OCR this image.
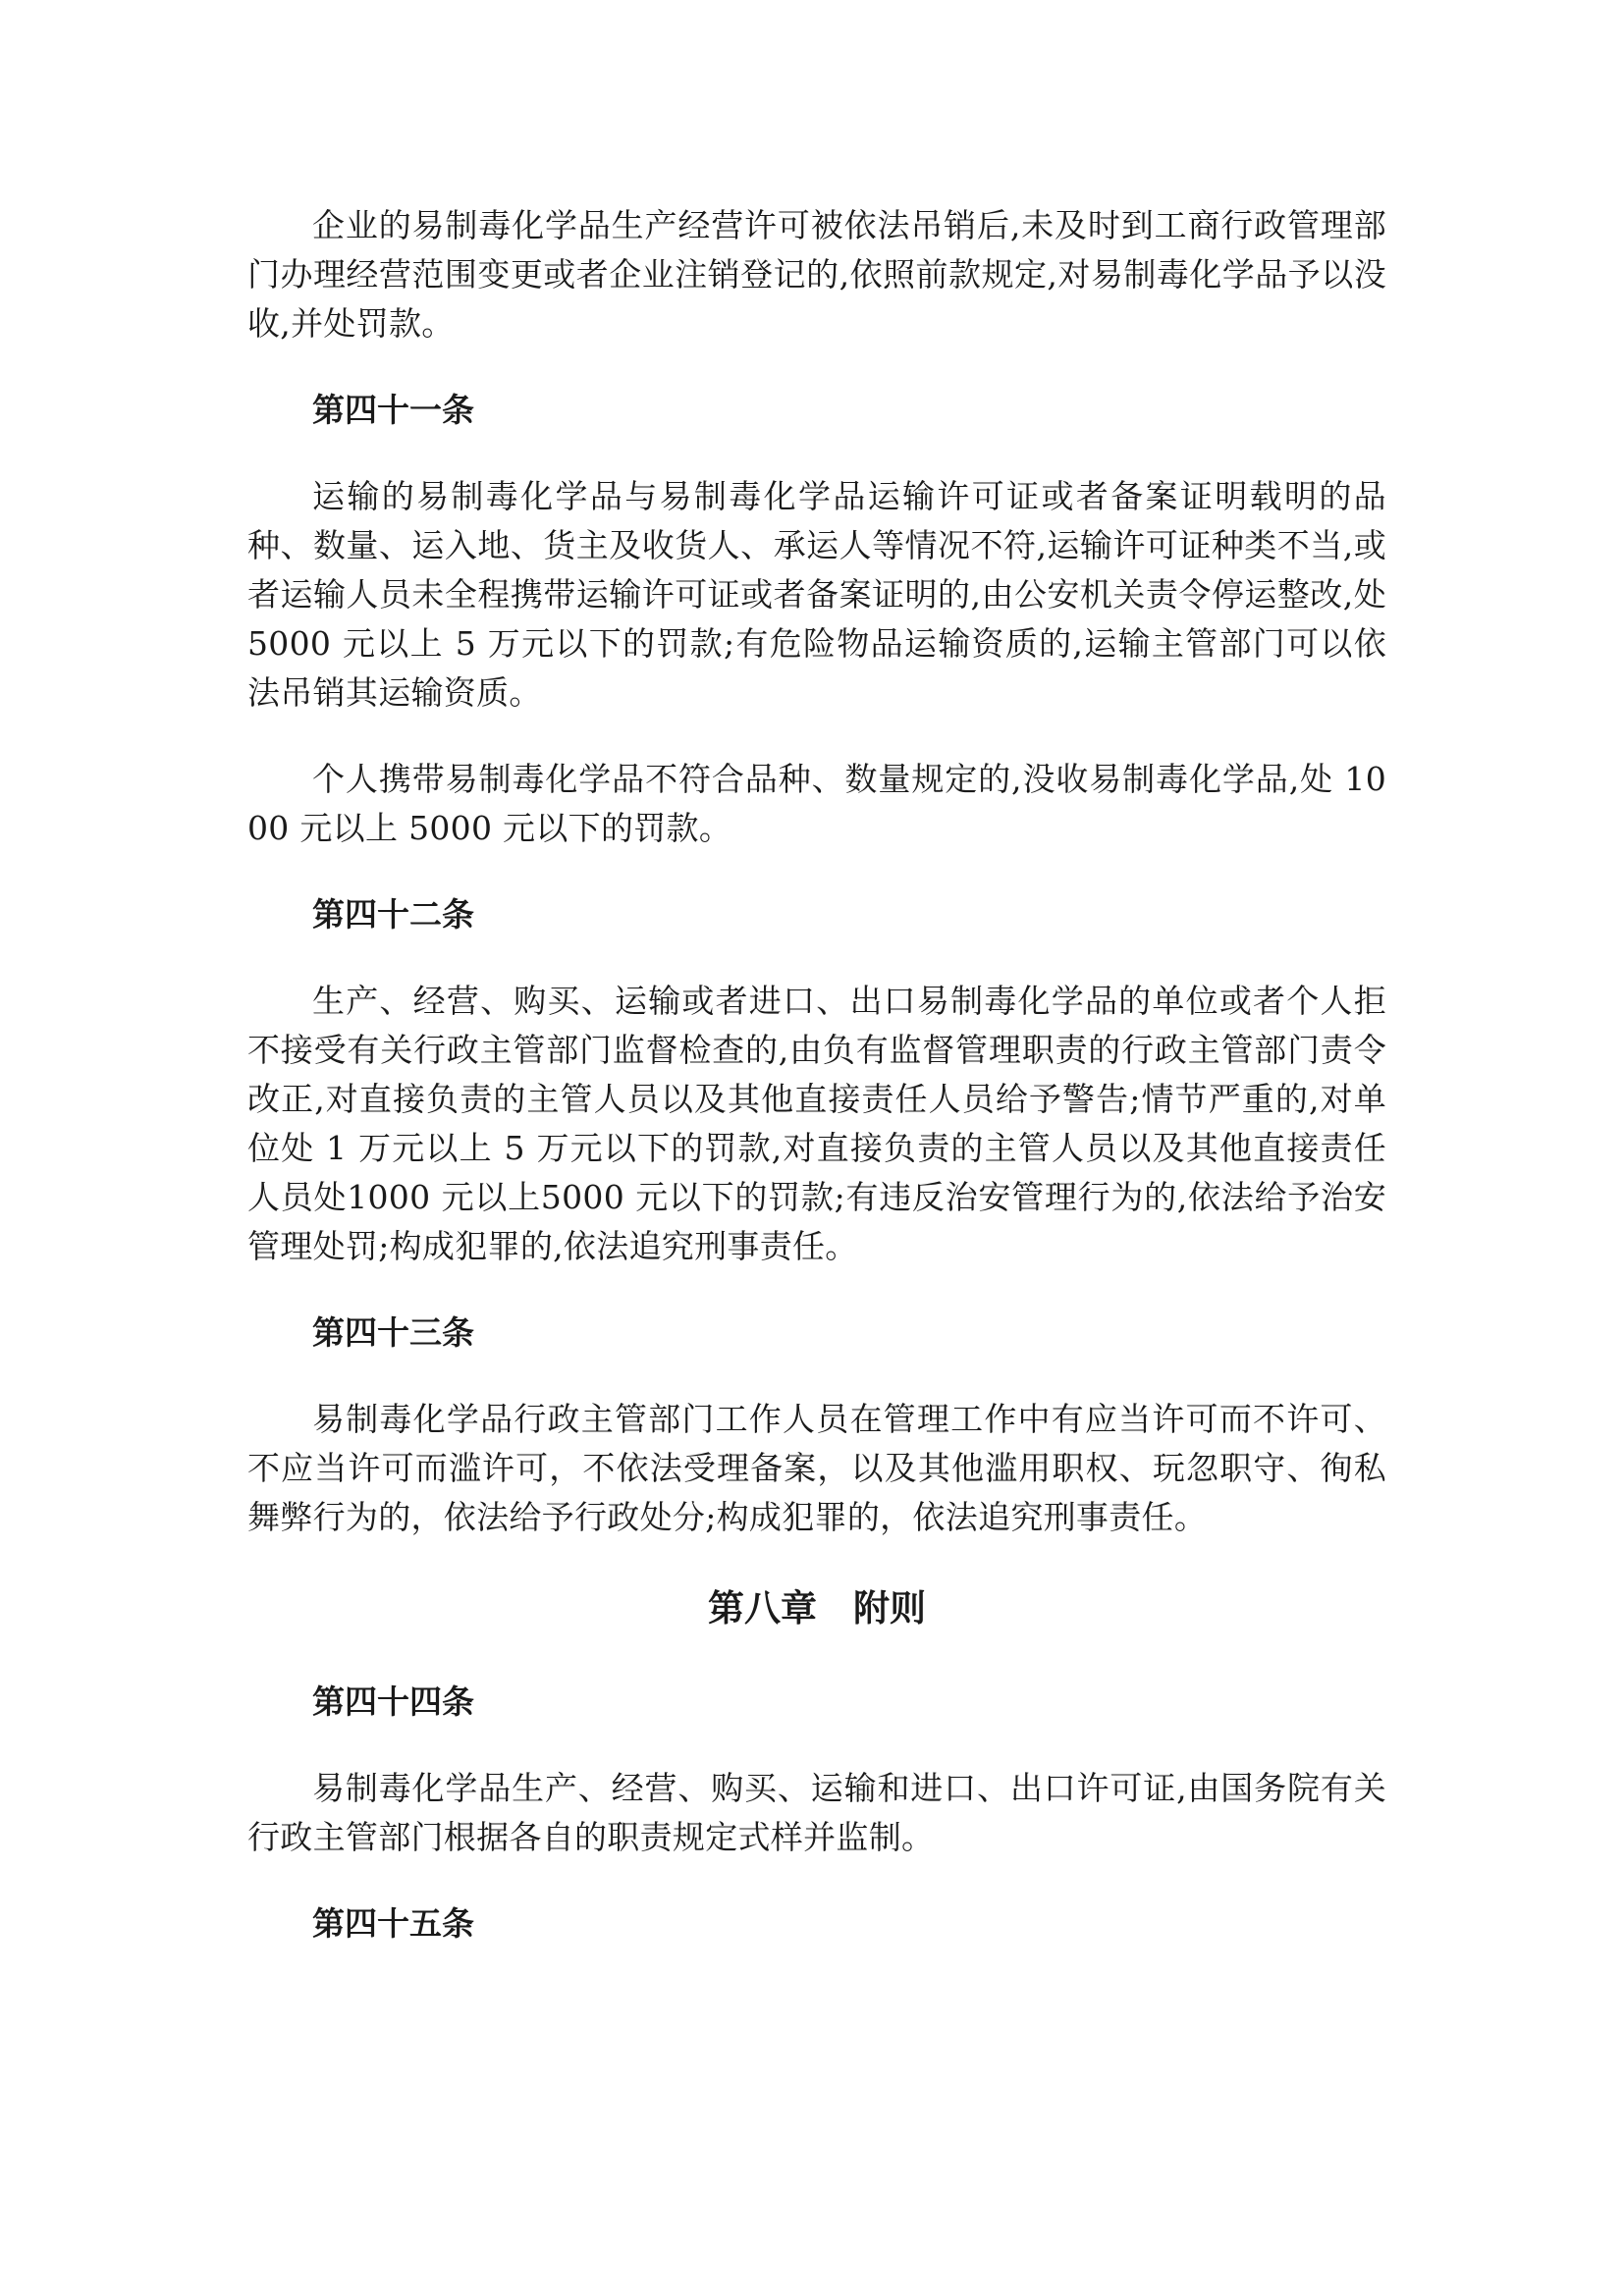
企业的易制毒化学品生产经营许可被依法吊销后,未及时到工商行政管理部门办理经营范围变更或者企业注销登记的,依照前款规定,对易制毒化学品予以没收,并处罚款。

第四十一条

运输的易制毒化学品与易制毒化学品运输许可证或者备案证明载明的品种、数量、运入地、货主及收货人、承运人等情况不符,运输许可证种类不当,或者运输人员未全程携带运输许可证或者备案证明的,由公安机关责令停运整改,处 5000 元以上 5 万元以下的罚款;有危险物品运输资质的,运输主管部门可以依法吊销其运输资质。

个人携带易制毒化学品不符合品种、数量规定的,没收易制毒化学品,处 1000 元以上 5000 元以下的罚款。

第四十二条

生产、经营、购买、运输或者进口、出口易制毒化学品的单位或者个人拒不接受有关行政主管部门监督检查的,由负有监督管理职责的行政主管部门责令改正,对直接负责的主管人员以及其他直接责任人员给予警告;情节严重的,对单位处 1 万元以上 5 万元以下的罚款,对直接负责的主管人员以及其他直接责任人员处1000 元以上5000 元以下的罚款;有违反治安管理行为的,依法给予治安管理处罚;构成犯罪的,依法追究刑事责任。

第四十三条

易制毒化学品行政主管部门工作人员在管理工作中有应当许可而不许可、不应当许可而滥许可，不依法受理备案，以及其他滥用职权、玩忽职守、徇私舞弊行为的，依法给予行政处分;构成犯罪的，依法追究刑事责任。

第八章　附则

第四十四条

易制毒化学品生产、经营、购买、运输和进口、出口许可证,由国务院有关行政主管部门根据各自的职责规定式样并监制。

第四十五条
